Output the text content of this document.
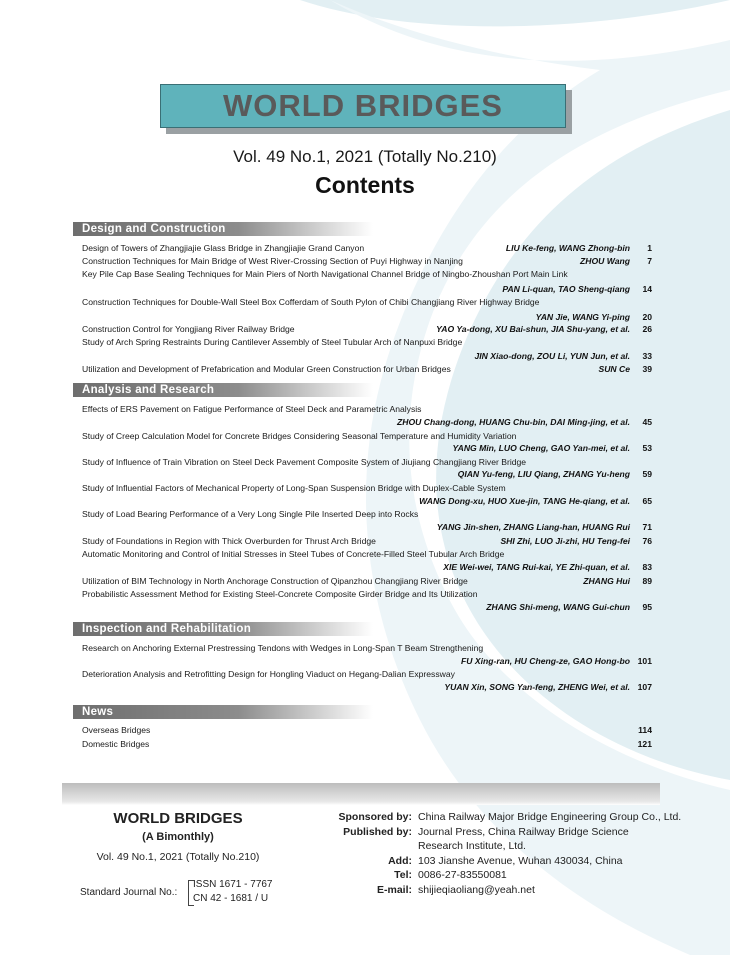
WORLD BRIDGES
Vol. 49 No.1, 2021 (Totally No.210)
Contents
Design and Construction
Design of Towers of Zhangjiajie Glass Bridge in Zhangjiajie Grand Canyon	LIU Ke-feng, WANG Zhong-bin	1
Construction Techniques for Main Bridge of West River-Crossing Section of Puyi Highway in Nanjing	ZHOU Wang	7
Key Pile Cap Base Sealing Techniques for Main Piers of North Navigational Channel Bridge of Ningbo-Zhoushan Port Main Link
PAN Li-quan, TAO Sheng-qiang	14
Construction Techniques for Double-Wall Steel Box Cofferdam of South Pylon of Chibi Changjiang River Highway Bridge
YAN Jie, WANG Yi-ping	20
Construction Control for Yongjiang River Railway Bridge	YAO Ya-dong, XU Bai-shun, JIA Shu-yang, et al.	26
Study of Arch Spring Restraints During Cantilever Assembly of Steel Tubular Arch of Nanpuxi Bridge
JIN Xiao-dong, ZOU Li, YUN Jun, et al.	33
Utilization and Development of Prefabrication and Modular Green Construction for Urban Bridges	SUN Ce	39
Analysis and Research
Effects of ERS Pavement on Fatigue Performance of Steel Deck and Parametric Analysis
ZHOU Chang-dong, HUANG Chu-bin, DAI Ming-jing, et al.	45
Study of Creep Calculation Model for Concrete Bridges Considering Seasonal Temperature and Humidity Variation
YANG Min, LUO Cheng, GAO Yan-mei, et al.	53
Study of Influence of Train Vibration on Steel Deck Pavement Composite System of Jiujiang Changjiang River Bridge
QIAN Yu-feng, LIU Qiang, ZHANG Yu-heng	59
Study of Influential Factors of Mechanical Property of Long-Span Suspension Bridge with Duplex-Cable System
WANG Dong-xu, HUO Xue-jin, TANG He-qiang, et al.	65
Study of Load Bearing Performance of a Very Long Single Pile Inserted Deep into Rocks
YANG Jin-shen, ZHANG Liang-han, HUANG Rui	71
Study of Foundations in Region with Thick Overburden for Thrust Arch Bridge	SHI Zhi, LUO Ji-zhi, HU Teng-fei	76
Automatic Monitoring and Control of Initial Stresses in Steel Tubes of Concrete-Filled Steel Tubular Arch Bridge
XIE Wei-wei, TANG Rui-kai, YE Zhi-quan, et al.	83
Utilization of BIM Technology in North Anchorage Construction of Qipanzhou Changjiang River Bridge	ZHANG Hui	89
Probabilistic Assessment Method for Existing Steel-Concrete Composite Girder Bridge and Its Utilization
ZHANG Shi-meng, WANG Gui-chun	95
Inspection and Rehabilitation
Research on Anchoring External Prestressing Tendons with Wedges in Long-Span T Beam Strengthening
FU Xing-ran, HU Cheng-ze, GAO Hong-bo 101
Deterioration Analysis and Retrofitting Design for Hongling Viaduct on Hegang-Dalian Expressway
YUAN Xin, SONG Yan-feng, ZHENG Wei, et al. 107
News
Overseas Bridges	114
Domestic Bridges	121
WORLD BRIDGES
(A Bimonthly)
Vol. 49 No.1, 2021 (Totally No.210)
Standard Journal No.:
ISSN 1671 - 7767
CN 42 - 1681 / U
Sponsored by: China Railway Major Bridge Engineering Group Co., Ltd.
Published by: Journal Press, China Railway Bridge Science
Research Institute, Ltd.
Add: 103 Jianshe Avenue, Wuhan 430034, China
Tel: 0086-27-83550081
E-mail: shijieqiaoliang@yeah.net
